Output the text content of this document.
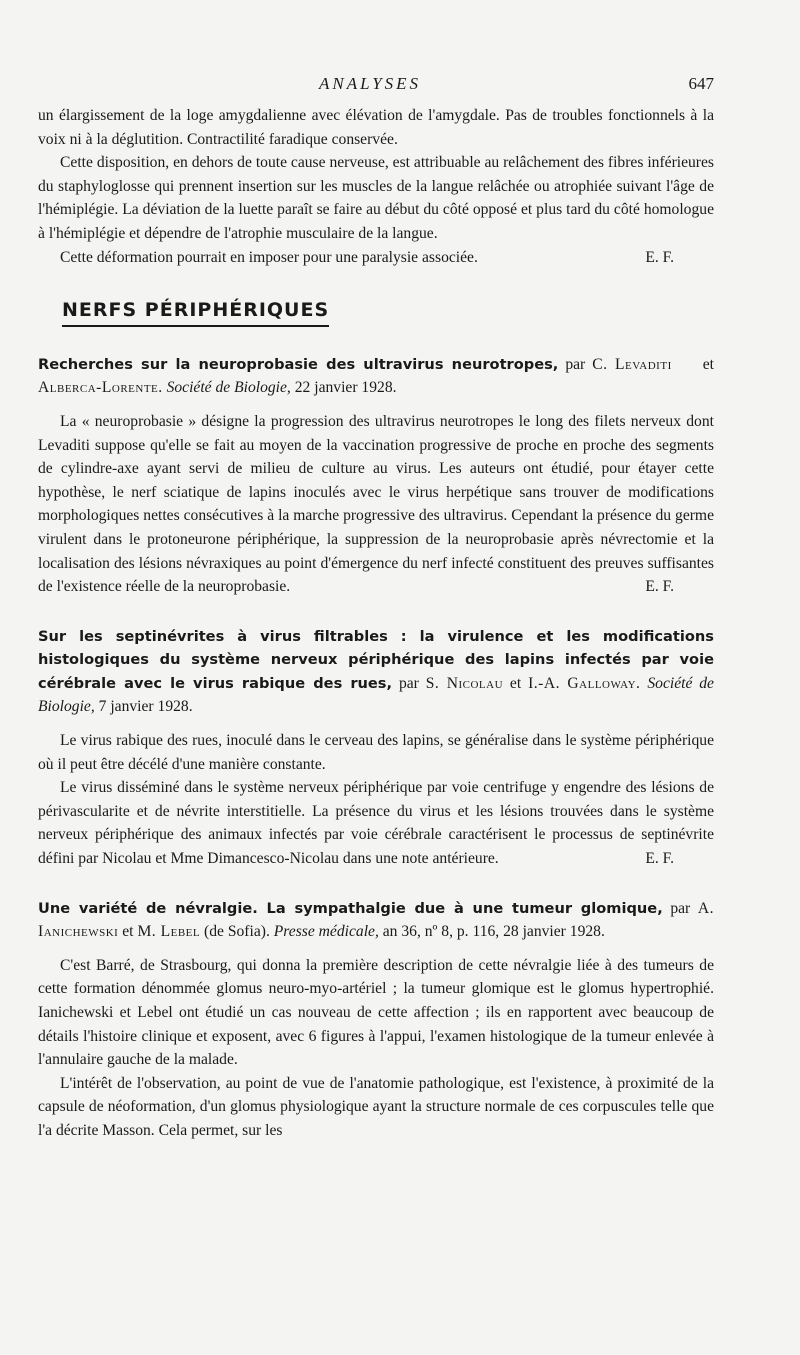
ANALYSES	647

un élargissement de la loge amygdalienne avec élévation de l'amygdale. Pas de troubles fonctionnels à la voix ni à la déglutition. Contractilité faradique conservée.

Cette disposition, en dehors de toute cause nerveuse, est attribuable au relâchement des fibres inférieures du staphyloglosse qui prennent insertion sur les muscles de la langue relâchée ou atrophiée suivant l'âge de l'hémiplégie. La déviation de la luette paraît se faire au début du côté opposé et plus tard du côté homologue à l'hémiplégie et dépendre de l'atrophie musculaire de la langue.

Cette déformation pourrait en imposer pour une paralysie associée.	E. F.

NERFS PÉRIPHÉRIQUES

Recherches sur la neuroprobasie des ultravirus neurotropes, par C. Levaditi et Alberca-Lorente. Société de Biologie, 22 janvier 1928.

La « neuroprobasie » désigne la progression des ultravirus neurotropes le long des filets nerveux dont Levaditi suppose qu'elle se fait au moyen de la vaccination progressive de proche en proche des segments de cylindre-axe ayant servi de milieu de culture au virus. Les auteurs ont étudié, pour étayer cette hypothèse, le nerf sciatique de lapins inoculés avec le virus herpétique sans trouver de modifications morphologiques nettes consécutives à la marche progressive des ultravirus. Cependant la présence du germe virulent dans le protoneurone périphérique, la suppression de la neuroprobasie après névrectomie et la localisation des lésions névraxiques au point d'émergence du nerf infecté constituent des preuves suffisantes de l'existence réelle de la neuroprobasie.	E. F.

Sur les septinévrites à virus filtrables : la virulence et les modifications histologiques du système nerveux périphérique des lapins infectés par voie cérébrale avec le virus rabique des rues, par S. Nicolau et I.-A. Galloway. Société de Biologie, 7 janvier 1928.

Le virus rabique des rues, inoculé dans le cerveau des lapins, se généralise dans le système périphérique où il peut être décélé d'une manière constante.

Le virus disséminé dans le système nerveux périphérique par voie centrifuge y engendre des lésions de périvascularite et de névrite interstitielle. La présence du virus et les lésions trouvées dans le système nerveux périphérique des animaux infectés par voie cérébrale caractérisent le processus de septinévrite défini par Nicolau et Mme Dimancesco-Nicolau dans une note antérieure.	E. F.

Une variété de névralgie. La sympathalgie due à une tumeur glomique, par A. Ianichewski et M. Lebel (de Sofia). Presse médicale, an 36, nº 8, p. 116, 28 janvier 1928.

C'est Barré, de Strasbourg, qui donna la première description de cette névralgie liée à des tumeurs de cette formation dénommée glomus neuro-myo-artériel ; la tumeur glomique est le glomus hypertrophié. Ianichewski et Lebel ont étudié un cas nouveau de cette affection ; ils en rapportent avec beaucoup de détails l'histoire clinique et exposent, avec 6 figures à l'appui, l'examen histologique de la tumeur enlevée à l'annulaire gauche de la malade.

L'intérêt de l'observation, au point de vue de l'anatomie pathologique, est l'existence, à proximité de la capsule de néoformation, d'un glomus physiologique ayant la structure normale de ces corpuscules telle que l'a décrite Masson. Cela permet, sur les
